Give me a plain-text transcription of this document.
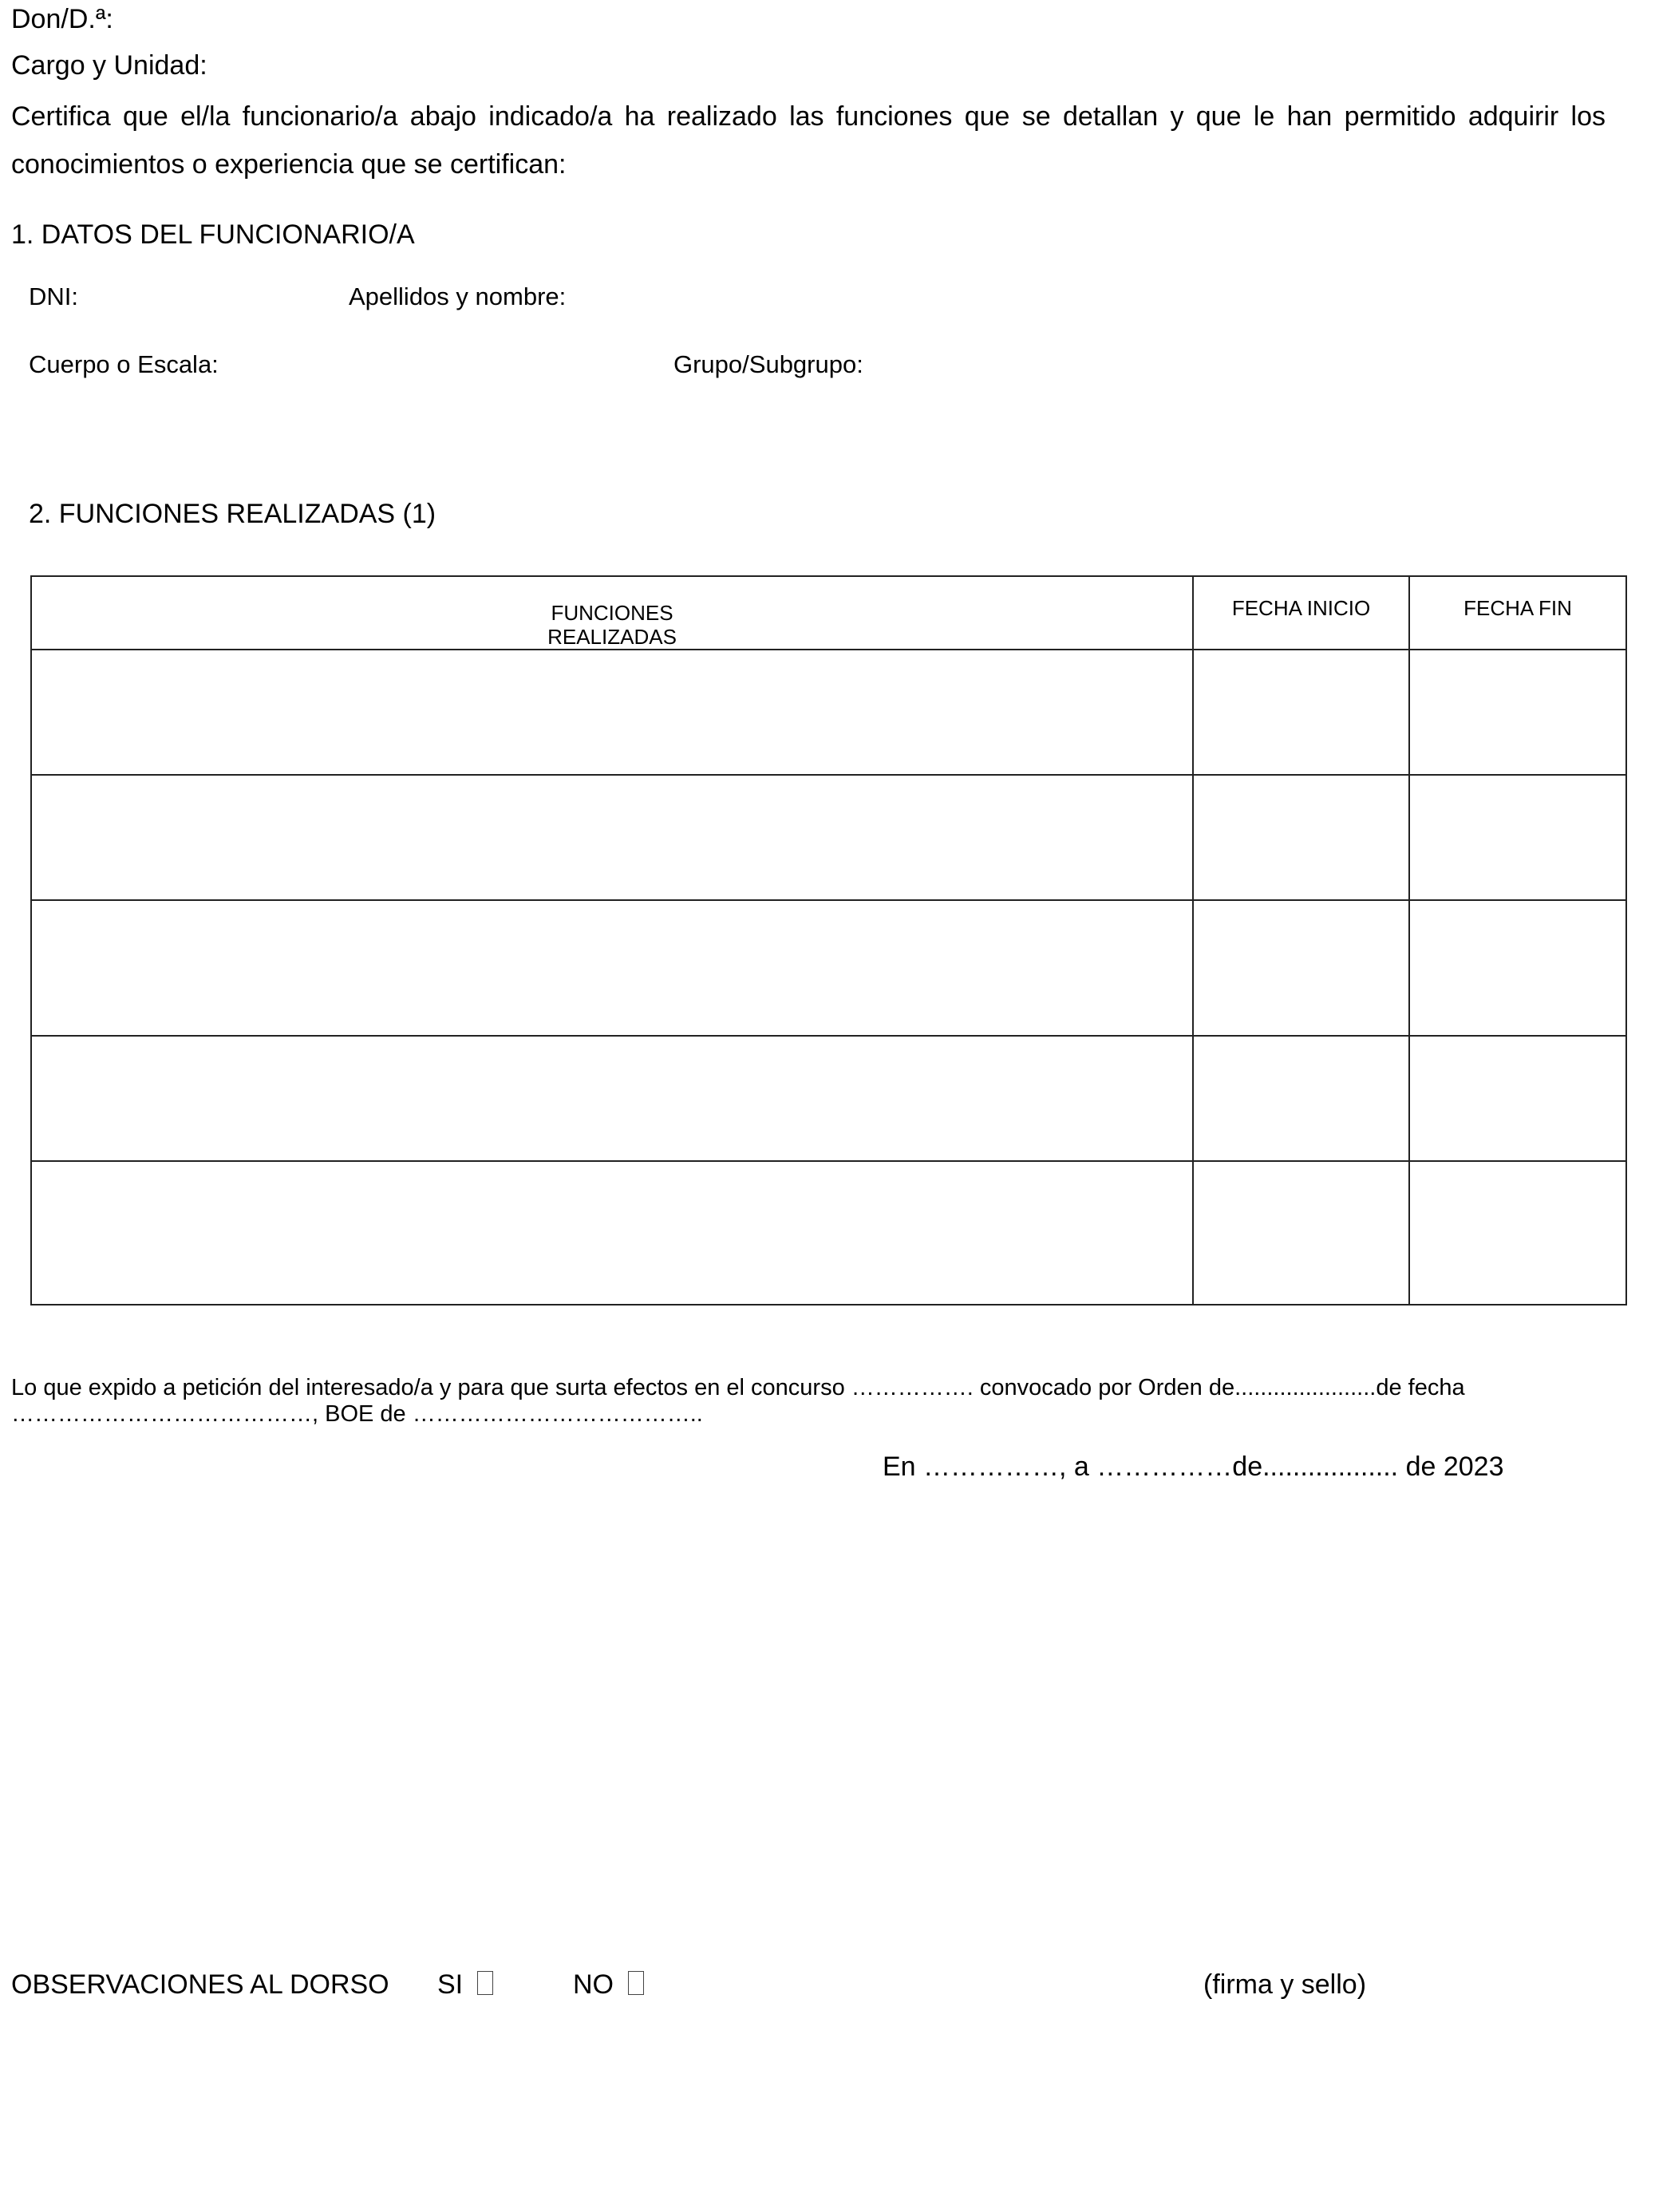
Don/D.ª:
Cargo y Unidad:
Certifica que el/la funcionario/a abajo indicado/a ha realizado las funciones que se detallan y que le han permitido adquirir los conocimientos o experiencia que se certifican:
1. DATOS DEL FUNCIONARIO/A
DNI:	Apellidos y nombre:
Cuerpo o Escala:	Grupo/Subgrupo:
2. FUNCIONES REALIZADAS (1)
FUNCIONES
REALIZADAS	FECHA INICIO	FECHA FIN

Lo que expido a petición del interesado/a y para que surta efectos en el concurso ……………. convocado por Orden de......................de fecha …………………………………, BOE de ………………………………..
En ……………, a ……………de.................. de 2023
OBSERVACIONES AL DORSO SI	NO	(firma y sello)
